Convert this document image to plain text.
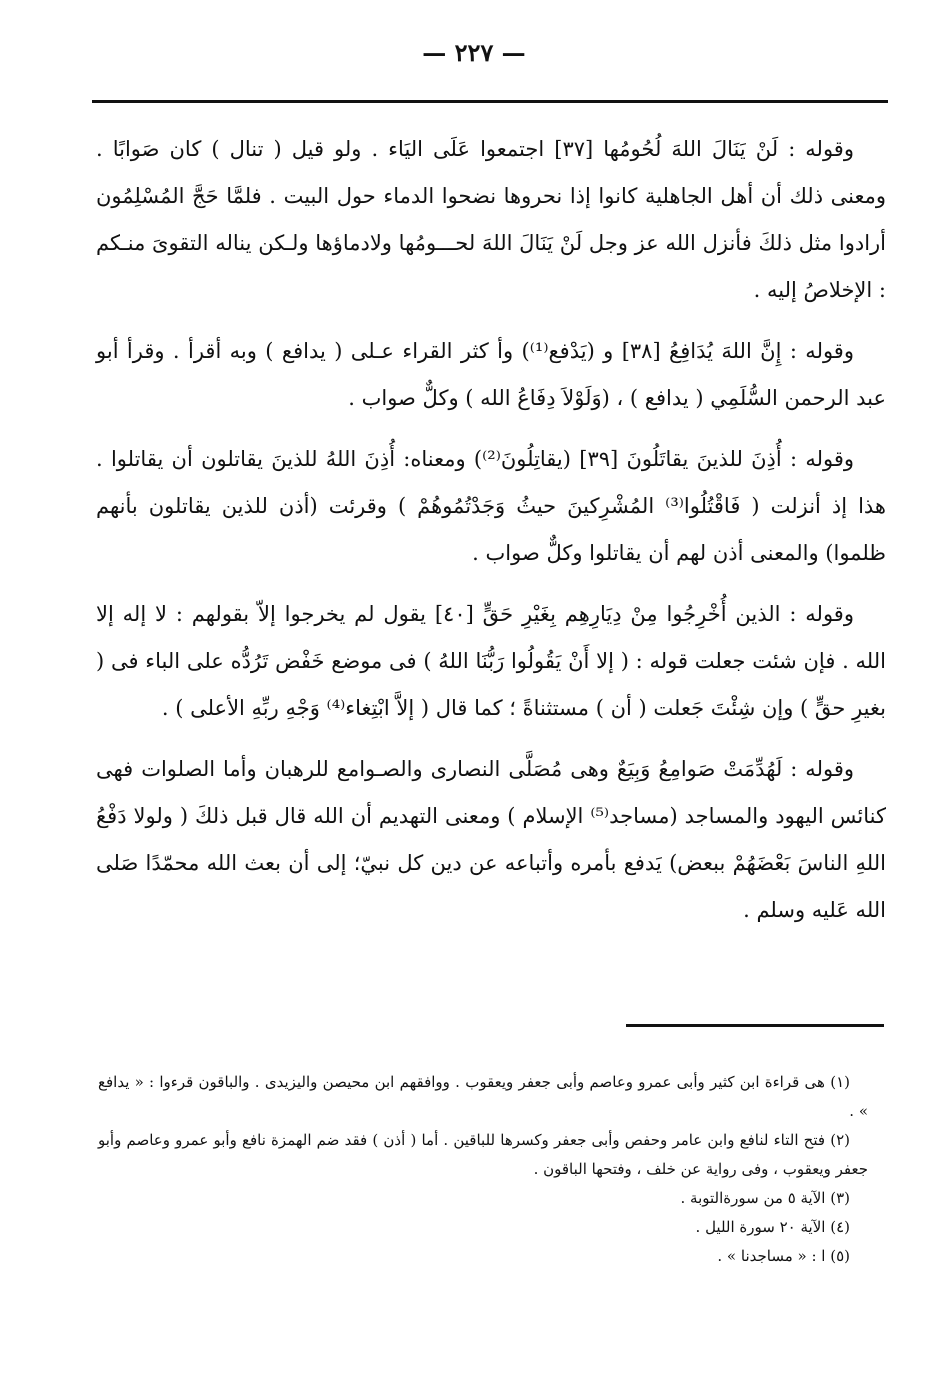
— ٢٢٧ —

وقوله : لَنْ يَنَالَ اللهَ لُحُومُها [٣٧] اجتمعوا عَلَى اليَاء . ولو قيل ( تنال ) كان صَوابًا . ومعنى ذلك أن أهل الجاهلية كانوا إذا نحروها نضحوا الدماء حول البيت . فلمَّا حَجَّ المُسْلِمُون أرادوا مثل ذلكَ فأنزل الله عز وجل لَنْ يَنَالَ اللهَ لحـــومُها ولادماؤها ولـكن يناله التقوىَ منـكم : الإخلاصُ إليه .

وقوله : إِنَّ اللهَ يُدَافِعُ [٣٨] و (يَدْفع⁽¹⁾) وأ كثر القراء عـلى ( يدافع ) وبه أقرأ . وقرأ أبو عبد الرحمن السُّلَمِي ( يدافع ) ، (وَلَوْلاَ دِفَاعُ الله ) وكلٌّ صواب .

وقوله : أُذِنَ للذينَ يقاتَلُونَ [٣٩] (يقاتِلُونَ⁽²⁾) ومعناه: أُذِنَ اللهُ للذينَ يقاتلون أن يقاتلوا . هذا إذ أنزلت ( فَاقْتُلُوا⁽³⁾ المُشْرِكينَ حيثُ وَجَدْتُمُوهُمْ ) وقرئت (أذن للذين يقاتلون بأنهم ظلموا) والمعنى أذن لهم أن يقاتلوا وكلٌّ صواب .

وقوله : الذين أُخْرِجُوا مِنْ دِيَارِهِم بِغَيْرِ حَقٍّ [٤٠] يقول لم يخرجوا إلاّ بقولهم : لا إله إلا الله . فإن شئت جعلت قوله : ( إلا أَنْ يَقُولُوا رَبُّنَا اللهُ ) فى موضع خَفْض تَرُدُّه على الباء فى ( بغيرِ حقٍّ ) وإن شِئْتَ جَعلت ( أن ) مستثناةً ؛ كما قال ( إلاَّ ابْتِغاء⁽⁴⁾ وَجْهِ ربِّهِ الأعلى ) .

وقوله : لَهُدِّمَتْ صَوامِعُ وَبِيَعٌ وهى مُصَلَّى النصارى والصـوامع للرهبان وأما الصلوات فهى كنائس اليهود والمساجد (مساجد⁽⁵⁾ الإسلام ) ومعنى التهديم أن الله قال قبل ذلكَ ( ولولا دَفْعُ اللهِ الناسَ بَعْضَهُمْ ببعض) يَدفع بأمره وأتباعه عن دين كل نبيّ؛ إلى أن بعث الله محمّدًا صَلى الله عَليه وسلم .

(١) هى قراءة ابن كثير وأبى عمرو وعاصم وأبى جعفر ويعقوب . ووافقهم ابن محيصن واليزيدى . والباقون قرءوا : « يدافع » .

(٢) فتح التاء لنافع وابن عامر وحفص وأبى جعفر وكسرها للباقين . أما ( أذن ) فقد ضم الهمزة نافع وأبو عمرو وعاصم وأبو جعفر ويعقوب ، وفى رواية عن خلف ، وفتحها الباقون .

(٣) الآية ٥ من سورةالتوبة .

(٤) الآية ٢٠ سورة الليل .

(٥) ا : « مساجدنا » .
